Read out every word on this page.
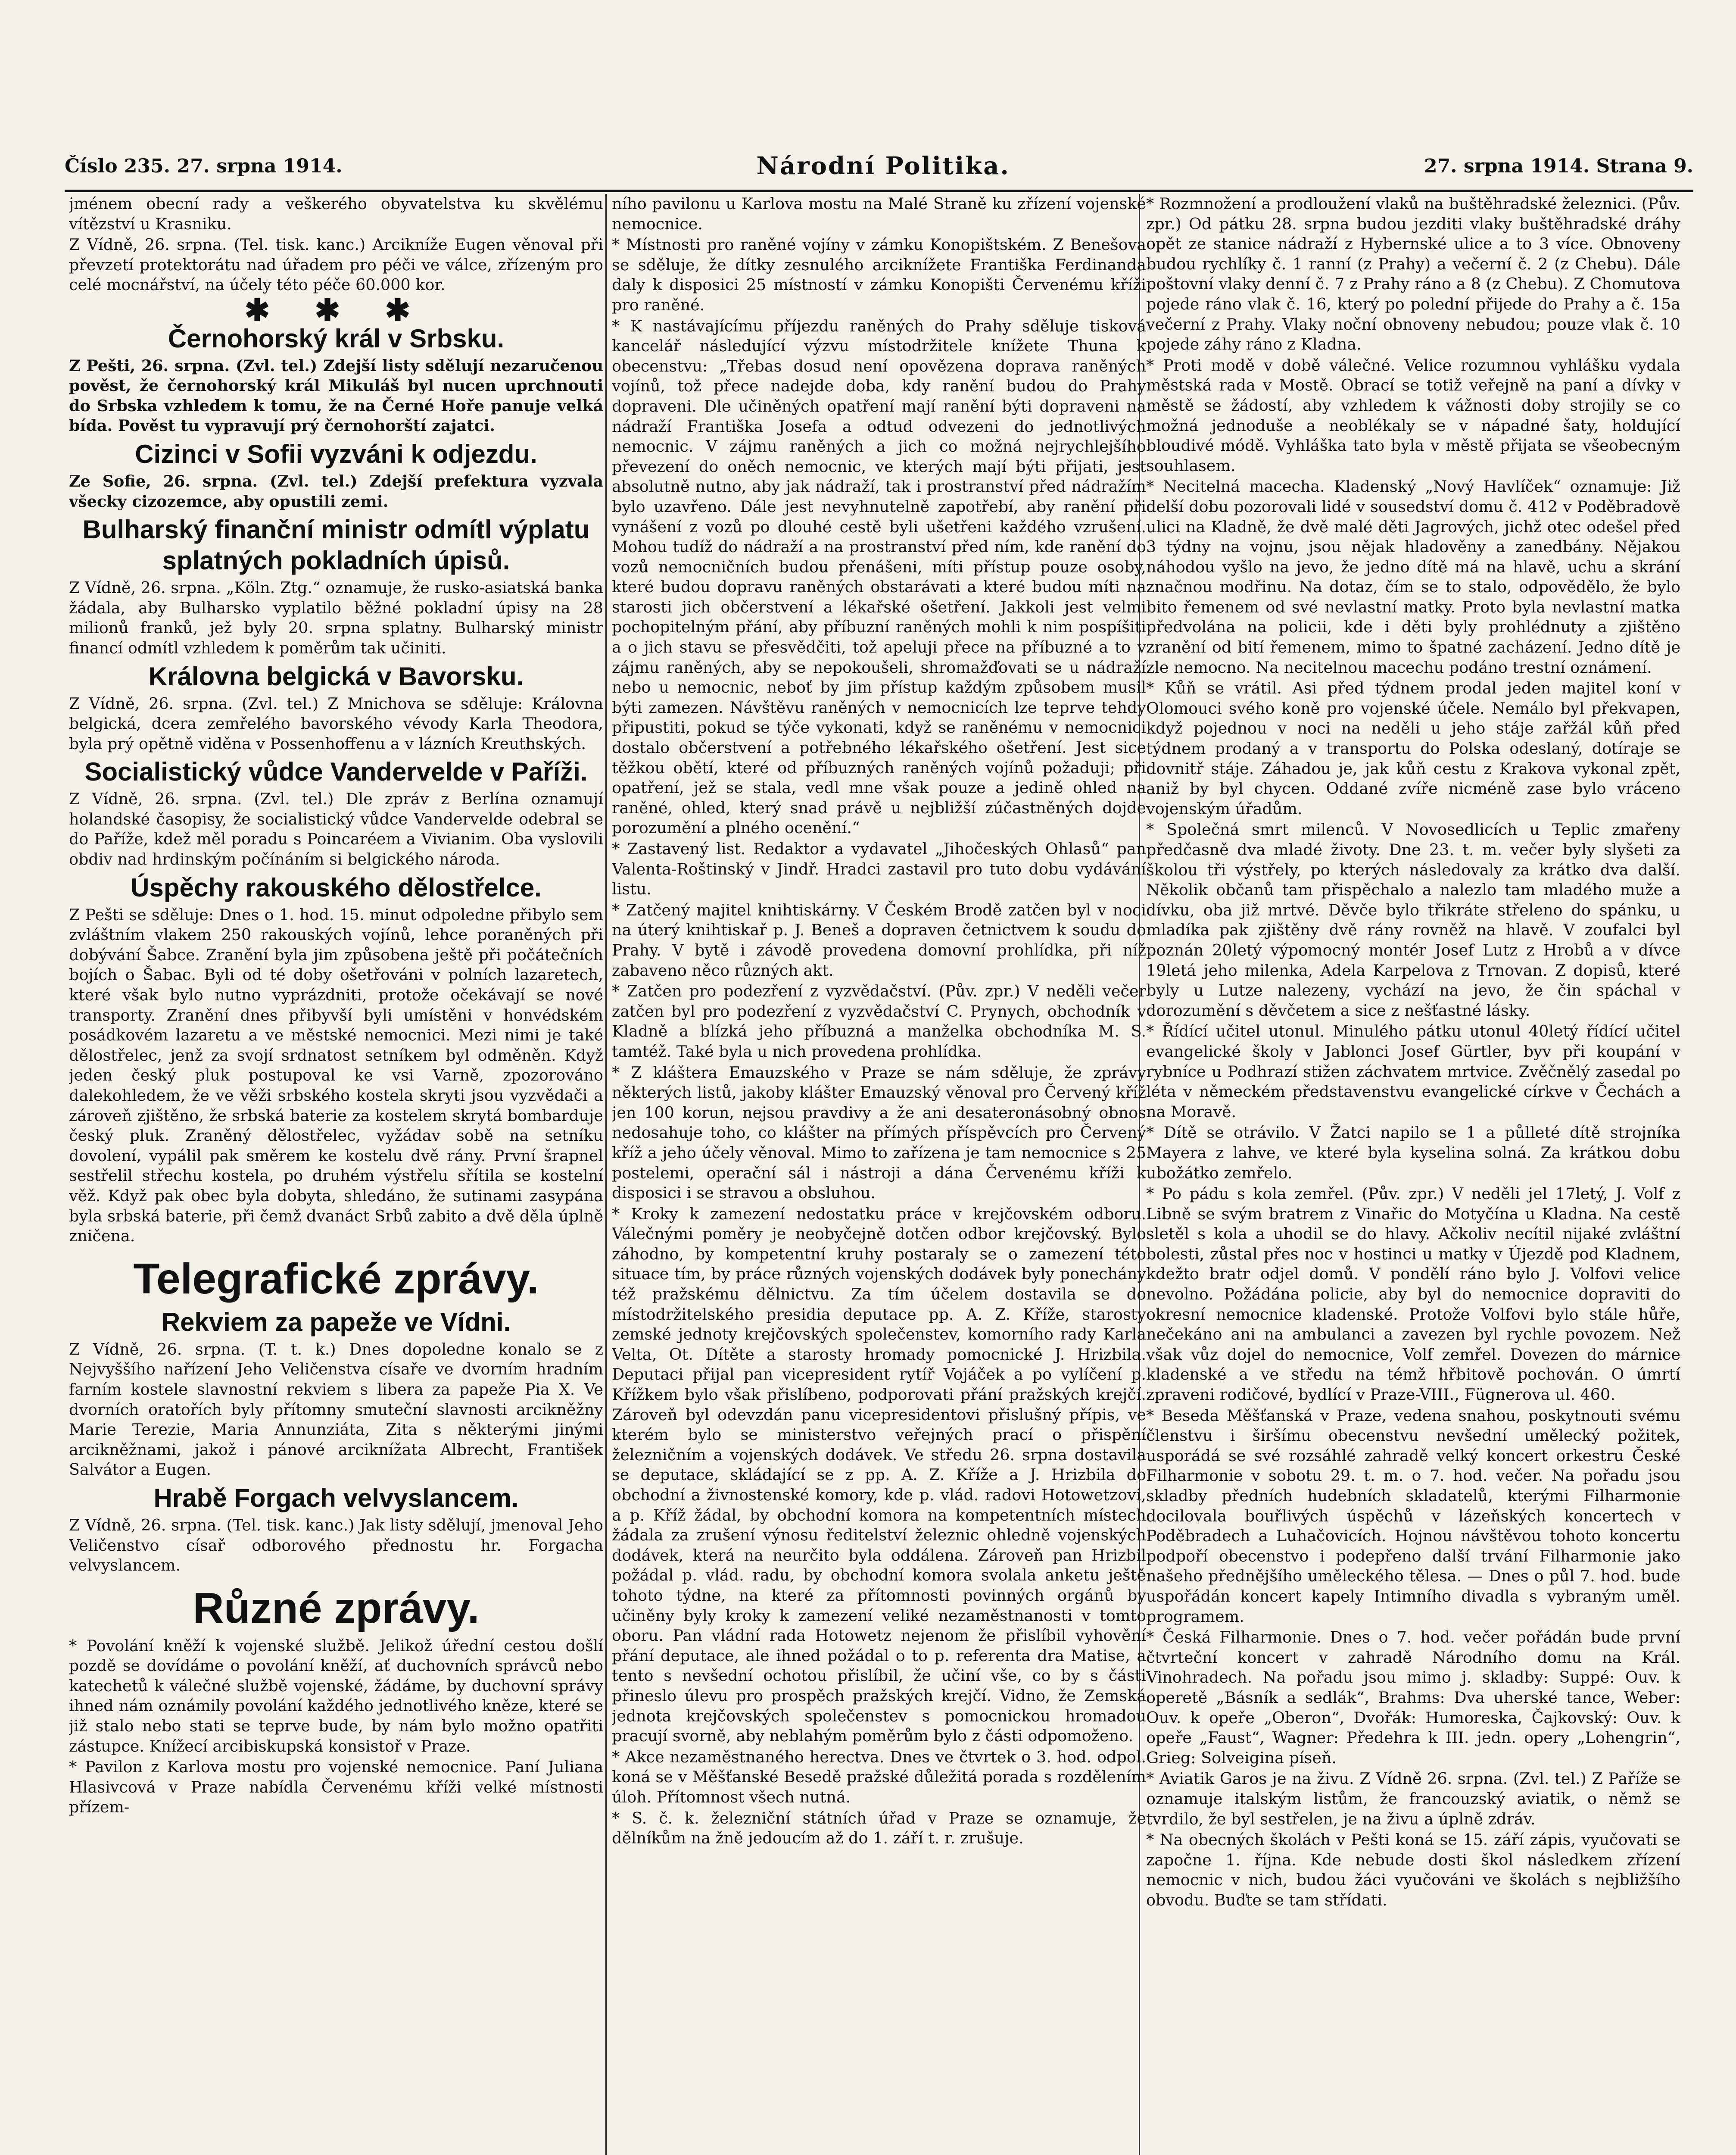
Číslo 235. 27. srpna 1914.	Národní Politika.	27. srpna 1914. Strana 9.

jménem obecní rady a veškerého obyvatelstva ku skvělému vítězství u Krasniku.

Z Vídně, 26. srpna. (Tel. tisk. kanc.) Arcikníže Eugen věnoval při převzetí protektorátu nad úřadem pro péči ve válce, zřízeným pro celé mocnářství, na účely této péče 60.000 kor.

✱ ✱ ✱
Černohorský král v Srbsku.

Z Pešti, 26. srpna. (Zvl. tel.) Zdejší listy sdělují nezaručenou pověst, že černohorský král Mikuláš byl nucen uprchnouti do Srbska vzhledem k tomu, že na Černé Hoře panuje velká bída. Pověst tu vypravují prý černohorští zajatci.

Cizinci v Sofii vyzváni k odjezdu.

Ze Sofie, 26. srpna. (Zvl. tel.) Zdejší prefektura vyzvala všecky cizozemce, aby opustili zemi.

Bulharský finanční ministr odmítl výplatu splatných pokladních úpisů.

Z Vídně, 26. srpna. „Köln. Ztg.“ oznamuje, že rusko-asiatská banka žádala, aby Bulharsko vyplatilo běžné pokladní úpisy na 28 milionů franků, jež byly 20. srpna splatny. Bulharský ministr financí odmítl vzhledem k poměrům tak učiniti.

Královna belgická v Bavorsku.

Z Vídně, 26. srpna. (Zvl. tel.) Z Mnichova se sděluje: Královna belgická, dcera zemřelého bavorského vévody Karla Theodora, byla prý opětně viděna v Possenhoffenu a v lázních Kreuthských.

Socialistický vůdce Vandervelde v Paříži.

Z Vídně, 26. srpna. (Zvl. tel.) Dle zpráv z Berlína oznamují holandské časopisy, že socialistický vůdce Vandervelde odebral se do Paříže, kdež měl poradu s Poincaréem a Vivianim. Oba vyslovili obdiv nad hrdinským počínáním si belgického národa.

Úspěchy rakouského dělostřelce.

Z Pešti se sděluje: Dnes o 1. hod. 15. minut odpoledne přibylo sem zvláštním vlakem 250 rakouských vojínů, lehce poraněných při dobývání Šabce. Zranění byla jim způsobena ještě při počátečních bojích o Šabac. Byli od té doby ošetřováni v polních lazaretech, které však bylo nutno vyprázdniti, protože očekávají se nové transporty. Zranění dnes přibyvší byli umístěni v honvédském posádkovém lazaretu a ve městské nemocnici. Mezi nimi je také dělostřelec, jenž za svojí srdnatost setníkem byl odměněn. Když jeden český pluk postupoval ke vsi Varně, zpozorováno dalekohledem, že ve věži srbského kostela skryti jsou vyzvědači a zároveň zjištěno, že srbská baterie za kostelem skrytá bombarduje český pluk. Zraněný dělostřelec, vyžádav sobě na setníku dovolení, vypálil pak směrem ke kostelu dvě rány. První šrapnel sestřelil střechu kostela, po druhém výstřelu sřítila se kostelní věž. Když pak obec byla dobyta, shledáno, že sutinami zasypána byla srbská baterie, při čemž dvanáct Srbů zabito a dvě děla úplně zničena.

Telegrafické zprávy.
Rekviem za papeže ve Vídni.

Z Vídně, 26. srpna. (T. t. k.) Dnes dopoledne konalo se z Nejvyššího nařízení Jeho Veličenstva císaře ve dvorním hradním farním kostele slavnostní rekviem s libera za papeže Pia X. Ve dvorních oratořích byly přítomny smuteční slavnosti arcikněžny Marie Terezie, Maria Annunziáta, Zita s některými jinými arcikněžnami, jakož i pánové arciknížata Albrecht, František Salvátor a Eugen.

Hrabě Forgach velvyslancem.

Z Vídně, 26. srpna. (Tel. tisk. kanc.) Jak listy sdělují, jmenoval Jeho Veličenstvo císař odborového přednostu hr. Forgacha velvyslancem.

Různé zprávy.

* Povolání kněží k vojenské službě. Jelikož úřední cestou došlí pozdě se dovídáme o povolání kněží, ať duchovních správců nebo katechetů k válečné službě vojenské, žádáme, by duchovní správy ihned nám oznámily povolání každého jednotlivého kněze, které se již stalo nebo stati se teprve bude, by nám bylo možno opatřiti zástupce. Knížecí arcibiskupská konsistoř v Praze.

* Pavilon z Karlova mostu pro vojenské nemocnice. Paní Juliana Hlasivcová v Praze nabídla Červenému kříži velké místnosti přízem-

ního pavilonu u Karlova mostu na Malé Straně ku zřízení vojenské nemocnice.

* Místnosti pro raněné vojíny v zámku Konopištském. Z Benešova se sděluje, že dítky zesnulého arciknížete Františka Ferdinanda daly k disposici 25 místností v zámku Konopišti Červenému kříži pro raněné.

* K nastávajícímu příjezdu raněných do Prahy sděluje tisková kancelář následující výzvu místodržitele knížete Thuna k obecenstvu: „Třebas dosud není opovězena doprava raněných vojínů, tož přece nadejde doba, kdy ranění budou do Prahy dopraveni. Dle učiněných opatření mají ranění býti dopraveni na nádraží Františka Josefa a odtud odvezeni do jednotlivých nemocnic. V zájmu raněných a jich co možná nejrychlejšího převezení do oněch nemocnic, ve kterých mají býti přijati, jest absolutně nutno, aby jak nádraží, tak i prostranství před nádražím bylo uzavřeno. Dále jest nevyhnutelně zapotřebí, aby ranění při vynášení z vozů po dlouhé cestě byli ušetřeni každého vzrušení. Mohou tudíž do nádraží a na prostranství před ním, kde ranění do vozů nemocničních budou přenášeni, míti přístup pouze osoby, které budou dopravu raněných obstarávati a které budou míti na starosti jich občerstvení a lékařské ošetření. Jakkoli jest velmi pochopitelným přání, aby příbuzní raněných mohli k nim pospíšiti a o jich stavu se přesvědčiti, tož apeluji přece na příbuzné a to v zájmu raněných, aby se nepokoušeli, shromažďovati se u nádraží nebo u nemocnic, neboť by jim přístup každým způsobem musil býti zamezen. Návštěvu raněných v nemocnicích lze teprve tehdy připustiti, pokud se týče vykonati, když se raněnému v nemocnici dostalo občerstvení a potřebného lékařského ošetření. Jest sice těžkou obětí, které od příbuzných raněných vojínů požaduji; při opatření, jež se stala, vedl mne však pouze a jedině ohled na raněné, ohled, který snad právě u nejbližší zúčastněných dojde porozumění a plného ocenění.“

* Zastavený list. Redaktor a vydavatel „Jihočeských Ohlasů“ pan Valenta-Roštinský v Jindř. Hradci zastavil pro tuto dobu vydávání listu.

* Zatčený majitel knihtiskárny. V Českém Brodě zatčen byl v noci na úterý knihtiskař p. J. Beneš a dopraven četnictvem k soudu do Prahy. V bytě i závodě provedena domovní prohlídka, při níž zabaveno něco různých akt.

* Zatčen pro podezření z vyzvědačství. (Pův. zpr.) V neděli večer zatčen byl pro podezření z vyzvědačství C. Prynych, obchodník v Kladně a blízká jeho příbuzná a manželka obchodníka M. S. tamtéž. Také byla u nich provedena prohlídka.

* Z kláštera Emauzského v Praze se nám sděluje, že zprávy některých listů, jakoby klášter Emauzský věnoval pro Červený kříž jen 100 korun, nejsou pravdivy a že ani desateronásobný obnos nedosahuje toho, co klášter na přímých příspěvcích pro Červený kříž a jeho účely věnoval. Mimo to zařízena je tam nemocnice s 25 postelemi, operační sál i nástroji a dána Červenému kříži k disposici i se stravou a obsluhou.

* Kroky k zamezení nedostatku práce v krejčovském odboru. Válečnými poměry je neobyčejně dotčen odbor krejčovský. Bylo záhodno, by kompetentní kruhy postaraly se o zamezení této situace tím, by práce různých vojenských dodávek byly ponechány též pražskému dělnictvu. Za tím účelem dostavila se do místodržitelského presidia deputace pp. A. Z. Kříže, starosty zemské jednoty krejčovských společenstev, komorního rady Karla Velta, Ot. Dítěte a starosty hromady pomocnické J. Hrizbila. Deputaci přijal pan vicepresident rytíř Vojáček a po vylíčení p. Křížkem bylo však přislíbeno, podporovati přání pražských krejčí. Zároveň byl odevzdán panu vicepresidentovi přislušný přípis, ve kterém bylo se ministerstvo veřejných prací o přispění železničním a vojenských dodávek. Ve středu 26. srpna dostavila se deputace, skládající se z pp. A. Z. Kříže a J. Hrizbila do obchodní a živnostenské komory, kde p. vlád. radovi Hotowetzovi, a p. Kříž žádal, by obchodní komora na kompetentních místech žádala za zrušení výnosu ředitelství železnic ohledně vojenských dodávek, která na neurčito byla oddálena. Zároveň pan Hrizbil požádal p. vlád. radu, by obchodní komora svolala anketu ještě tohoto týdne, na které za přítomnosti povinných orgánů by učiněny byly kroky k zamezení veliké nezaměstnanosti v tomto oboru. Pan vládní rada Hotowetz nejenom že přislíbil vyhovění přání deputace, ale ihned požádal o to p. referenta dra Matise, a tento s nevšední ochotou přislíbil, že učiní vše, co by s části přineslo úlevu pro prospěch pražských krejčí. Vidno, že Zemská jednota krejčovských společenstev s pomocnickou hromadou pracují svorně, aby neblahým poměrům bylo z části odpomoženo.

* Akce nezaměstnaného herectva. Dnes ve čtvrtek o 3. hod. odpol. koná se v Měšťanské Besedě pražské důležitá porada s rozdělením úloh. Přítomnost všech nutná.

* S. č. k. železniční státních úřad v Praze se oznamuje, že dělníkům na žně jedoucím až do 1. září t. r. zrušuje.

* Rozmnožení a prodloužení vlaků na buštěhradské železnici. (Pův. zpr.) Od pátku 28. srpna budou jezditi vlaky buštěhradské dráhy opět ze stanice nádraží z Hybernské ulice a to 3 více. Obnoveny budou rychlíky č. 1 ranní (z Prahy) a večerní č. 2 (z Chebu). Dále poštovní vlaky denní č. 7 z Prahy ráno a 8 (z Chebu). Z Chomutova pojede ráno vlak č. 16, který po polední přijede do Prahy a č. 15a večerní z Prahy. Vlaky noční obnoveny nebudou; pouze vlak č. 10 pojede záhy ráno z Kladna.

* Proti modě v době válečné. Velice rozumnou vyhlášku vydala městská rada v Mostě. Obrací se totiž veřejně na paní a dívky v městě se žádostí, aby vzhledem k vážnosti doby strojily se co možná jednoduše a neoblékaly se v nápadné šaty, holdující bloudivé módě. Vyhláška tato byla v městě přijata se všeobecným souhlasem.

* Necitelná macecha. Kladenský „Nový Havlíček“ oznamuje: Již delší dobu pozorovali lidé v sousedství domu č. 412 v Poděbradově ulici na Kladně, že dvě malé děti Jagrových, jichž otec odešel před 3 týdny na vojnu, jsou nějak hladověny a zanedbány. Nějakou náhodou vyšlo na jevo, že jedno dítě má na hlavě, uchu a skrání značnou modřinu. Na dotaz, čím se to stalo, odpovědělo, že bylo bito řemenem od své nevlastní matky. Proto byla nevlastní matka předvolána na policii, kde i děti byly prohlédnuty a zjištěno zranění od bití řemenem, mimo to špatné zacházení. Jedno dítě je zle nemocno. Na necitelnou macechu podáno trestní oznámení.

* Kůň se vrátil. Asi před týdnem prodal jeden majitel koní v Olomouci svého koně pro vojenské účele. Nemálo byl překvapen, když pojednou v noci na neděli u jeho stáje zařžál kůň před týdnem prodaný a v transportu do Polska odeslaný, dotíraje se dovnitř stáje. Záhadou je, jak kůň cestu z Krakova vykonal zpět, aniž by byl chycen. Oddané zvíře nicméně zase bylo vráceno vojenským úřadům.

* Společná smrt milenců. V Novosedlicích u Teplic zmařeny předčasně dva mladé životy. Dne 23. t. m. večer byly slyšeti za školou tři výstřely, po kterých následovaly za krátko dva další. Několik občanů tam přispěchalo a nalezlo tam mladého muže a dívku, oba již mrtvé. Děvče bylo třikráte střeleno do spánku, u mladíka pak zjištěny dvě rány rovněž na hlavě. V zoufalci byl poznán 20letý výpomocný montér Josef Lutz z Hrobů a v dívce 19letá jeho milenka, Adela Karpelova z Trnovan. Z dopisů, které byly u Lutze nalezeny, vychází na jevo, že čin spáchal v dorozumění s děvčetem a sice z nešťastné lásky.

* Řídící učitel utonul. Minulého pátku utonul 40letý řídící učitel evangelické školy v Jablonci Josef Gürtler, byv při koupání v rybníce u Podhrazí stižen záchvatem mrtvice. Zvěčnělý zasedal po léta v německém představenstvu evangelické církve v Čechách a na Moravě.

* Dítě se otrávilo. V Žatci napilo se 1 a půlleté dítě strojníka Mayera z lahve, ve které byla kyselina solná. Za krátkou dobu ubožátko zemřelo.

* Po pádu s kola zemřel. (Pův. zpr.) V neděli jel 17letý, J. Volf z Libně se svým bratrem z Vinařic do Motyčína u Kladna. Na cestě sletěl s kola a uhodil se do hlavy. Ačkoliv necítil nijaké zvláštní bolesti, zůstal přes noc v hostinci u matky v Újezdě pod Kladnem, kdežto bratr odjel domů. V pondělí ráno bylo J. Volfovi velice nevolno. Požádána policie, aby byl do nemocnice dopraviti do okresní nemocnice kladenské. Protože Volfovi bylo stále hůře, nečekáno ani na ambulanci a zavezen byl rychle povozem. Než však vůz dojel do nemocnice, Volf zemřel. Dovezen do márnice kladenské a ve středu na témž hřbitově pochován. O úmrtí zpraveni rodičové, bydlící v Praze-VIII., Fügnerova ul. 460.

* Beseda Měšťanská v Praze, vedena snahou, poskytnouti svému členstvu i širšímu obecenstvu nevšední umělecký požitek, usporádá se své rozsáhlé zahradě velký koncert orkestru České Filharmonie v sobotu 29. t. m. o 7. hod. večer. Na pořadu jsou skladby předních hudebních skladatelů, kterými Filharmonie docilovala bouřlivých úspěchů v lázeňských koncertech v Poděbradech a Luhačovicích. Hojnou návštěvou tohoto koncertu podpoří obecenstvo i podepřeno další trvání Filharmonie jako našeho přednějšího uměleckého tělesa. — Dnes o půl 7. hod. bude uspořádán koncert kapely Intimního divadla s vybraným uměl. programem.

* Česká Filharmonie. Dnes o 7. hod. večer pořádán bude první čtvrteční koncert v zahradě Národního domu na Král. Vinohradech. Na pořadu jsou mimo j. skladby: Suppé: Ouv. k operetě „Básník a sedlák“, Brahms: Dva uherské tance, Weber: Ouv. k opeře „Oberon“, Dvořák: Humoreska, Čajkovský: Ouv. k opeře „Faust“, Wagner: Předehra k III. jedn. opery „Lohengrin“, Grieg: Solveigina píseň.

* Aviatik Garos je na živu. Z Vídně 26. srpna. (Zvl. tel.) Z Paříže se oznamuje italským listům, že francouzský aviatik, o němž se tvrdilo, že byl sestřelen, je na živu a úplně zdráv.

* Na obecných školách v Pešti koná se 15. září zápis, vyučovati se započne 1. října. Kde nebude dosti škol následkem zřízení nemocnic v nich, budou žáci vyučováni ve školách s nejbližšího obvodu. Buďte se tam střídati.
